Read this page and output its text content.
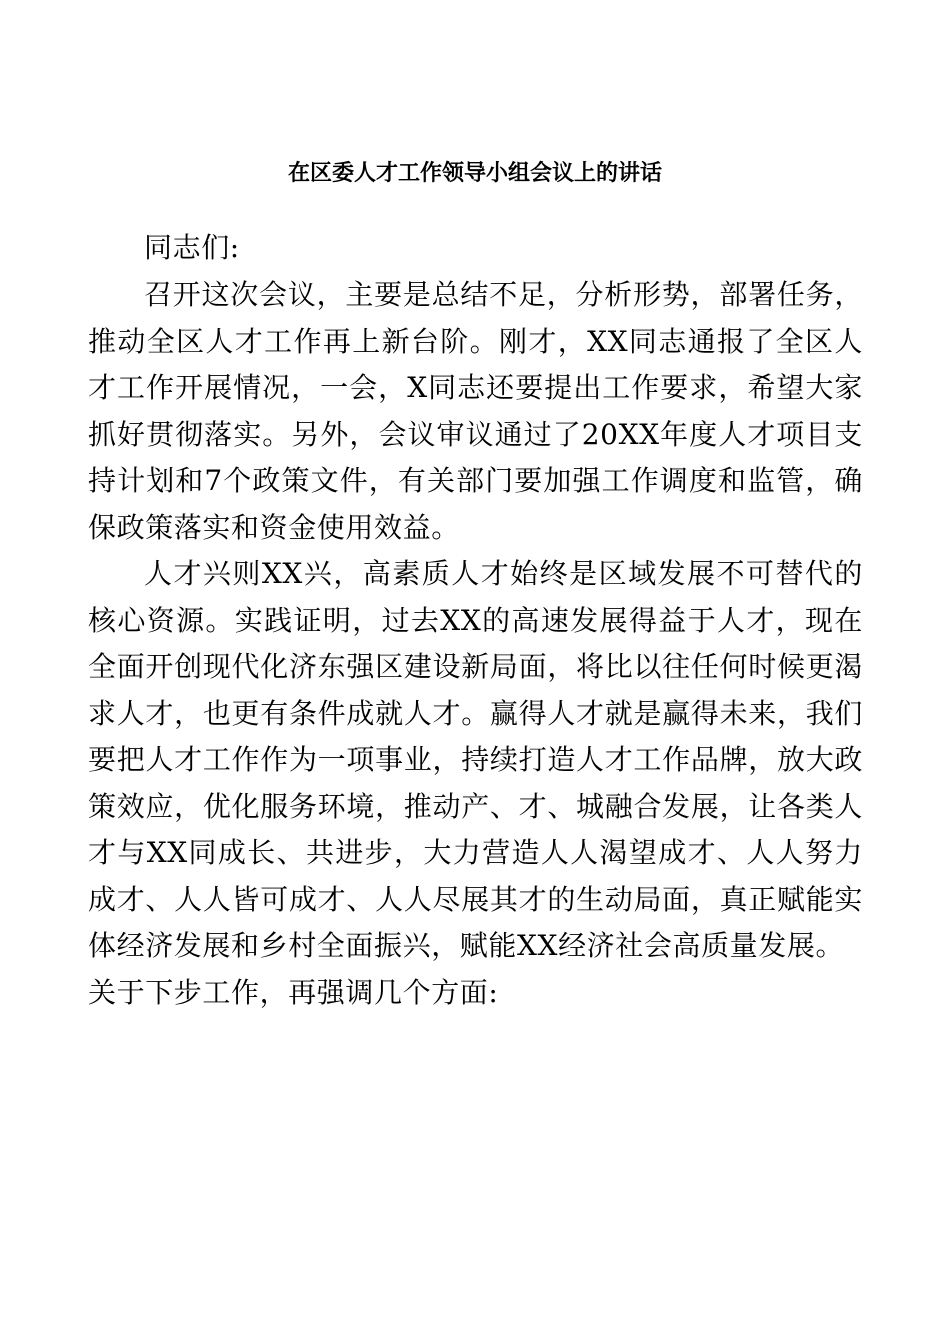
在区委人才工作领导小组会议上的讲话

同志们:

召开这次会议，主要是总结不足，分析形势，部署任务，推动全区人才工作再上新台阶。刚才，XX同志通报了全区人才工作开展情况，一会，X同志还要提出工作要求，希望大家抓好贯彻落实。另外，会议审议通过了20XX年度人才项目支持计划和7个政策文件，有关部门要加强工作调度和监管，确保政策落实和资金使用效益。

人才兴则XX兴，高素质人才始终是区域发展不可替代的核心资源。实践证明，过去XX的高速发展得益于人才，现在全面开创现代化济东强区建设新局面，将比以往任何时候更渴求人才，也更有条件成就人才。赢得人才就是赢得未来，我们要把人才工作作为一项事业，持续打造人才工作品牌，放大政策效应，优化服务环境，推动产、才、城融合发展，让各类人才与XX同成长、共进步，大力营造人人渴望成才、人人努力成才、人人皆可成才、人人尽展其才的生动局面，真正赋能实体经济发展和乡村全面振兴，赋能XX经济社会高质量发展。

关于下步工作，再强调几个方面:
